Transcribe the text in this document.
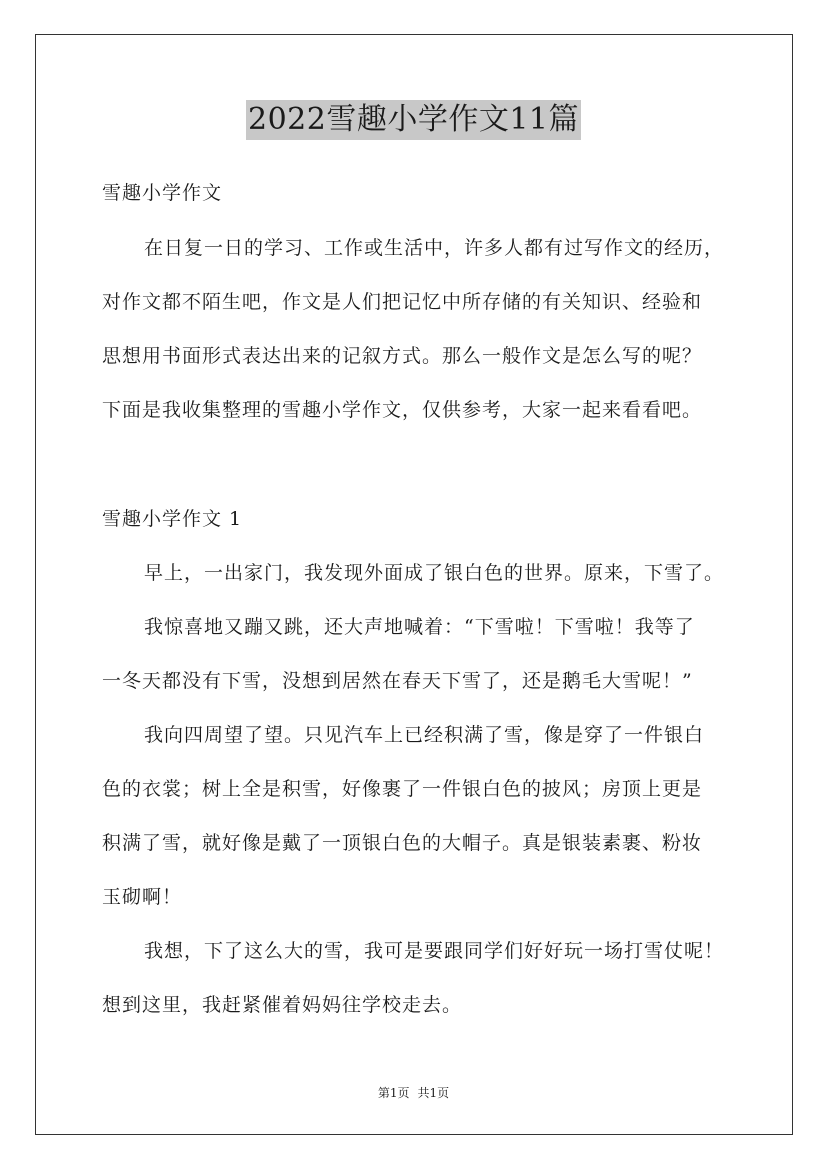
2022雪趣小学作文11篇
雪趣小学作文
在日复一日的学习、工作或生活中，许多人都有过写作文的经历，
对作文都不陌生吧，作文是人们把记忆中所存储的有关知识、经验和
思想用书面形式表达出来的记叙方式。那么一般作文是怎么写的呢？
下面是我收集整理的雪趣小学作文，仅供参考，大家一起来看看吧。
雪趣小学作文 1
早上，一出家门，我发现外面成了银白色的世界。原来，下雪了。
我惊喜地又蹦又跳，还大声地喊着：“下雪啦！下雪啦！我等了
一冬天都没有下雪，没想到居然在春天下雪了，还是鹅毛大雪呢！”
我向四周望了望。只见汽车上已经积满了雪，像是穿了一件银白
色的衣裳；树上全是积雪，好像裹了一件银白色的披风；房顶上更是
积满了雪，就好像是戴了一顶银白色的大帽子。真是银装素裹、粉妆
玉砌啊！
我想，下了这么大的雪，我可是要跟同学们好好玩一场打雪仗呢！
想到这里，我赶紧催着妈妈往学校走去。
第1页 共1页
